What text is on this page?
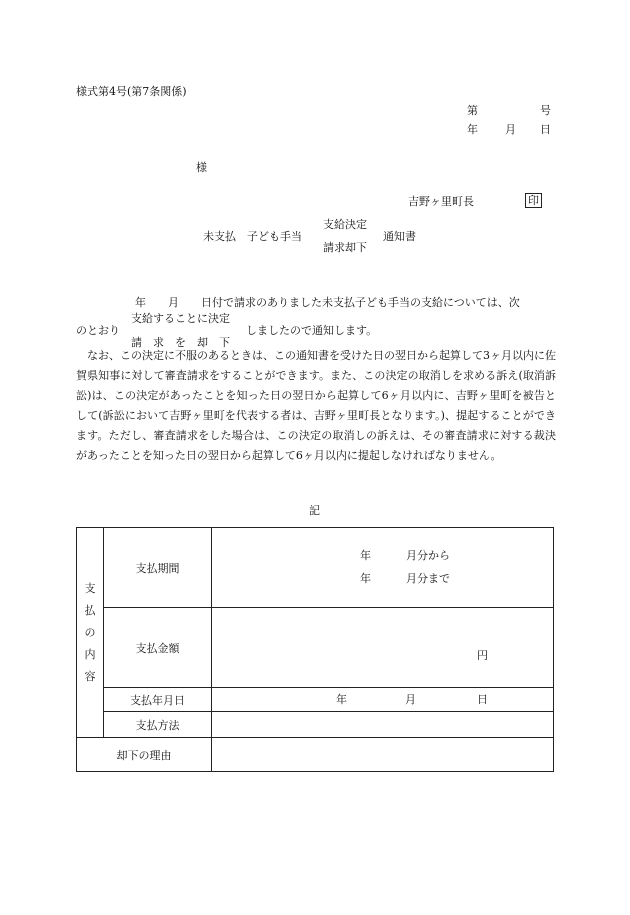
様式第4号(第7条関係)
第	号
年 月 日
様
吉野ヶ里町長	印
未支払　子ども手当
支給決定
請求却下
通知書
年　　月　　日付で請求のありました未支払子ども手当の支給については、次
のとおり
支給することに決定
請　求　を　却　下
しましたので通知します。
なお、この決定に不服のあるときは、この通知書を受けた日の翌日から起算して3ヶ月以内に佐賀県知事に対して審査請求をすることができます。また、この決定の取消しを求める訴え(取消訴訟)は、この決定があったことを知った日の翌日から起算して6ヶ月以内に、吉野ヶ里町を被告として(訴訟において吉野ヶ里町を代表する者は、吉野ヶ里町長となります。)、提起することができます。ただし、審査請求をした場合は、この決定の取消しの訴えは、その審査請求に対する裁決があったことを知った日の翌日から起算して6ヶ月以内に提起しなければなりません。
記
支
払
の
内
容	支払期間	年 月分から
年 月分まで

	支払金額	円

	支払年月日	年 月 日

	支払方法	
却下の理由		
